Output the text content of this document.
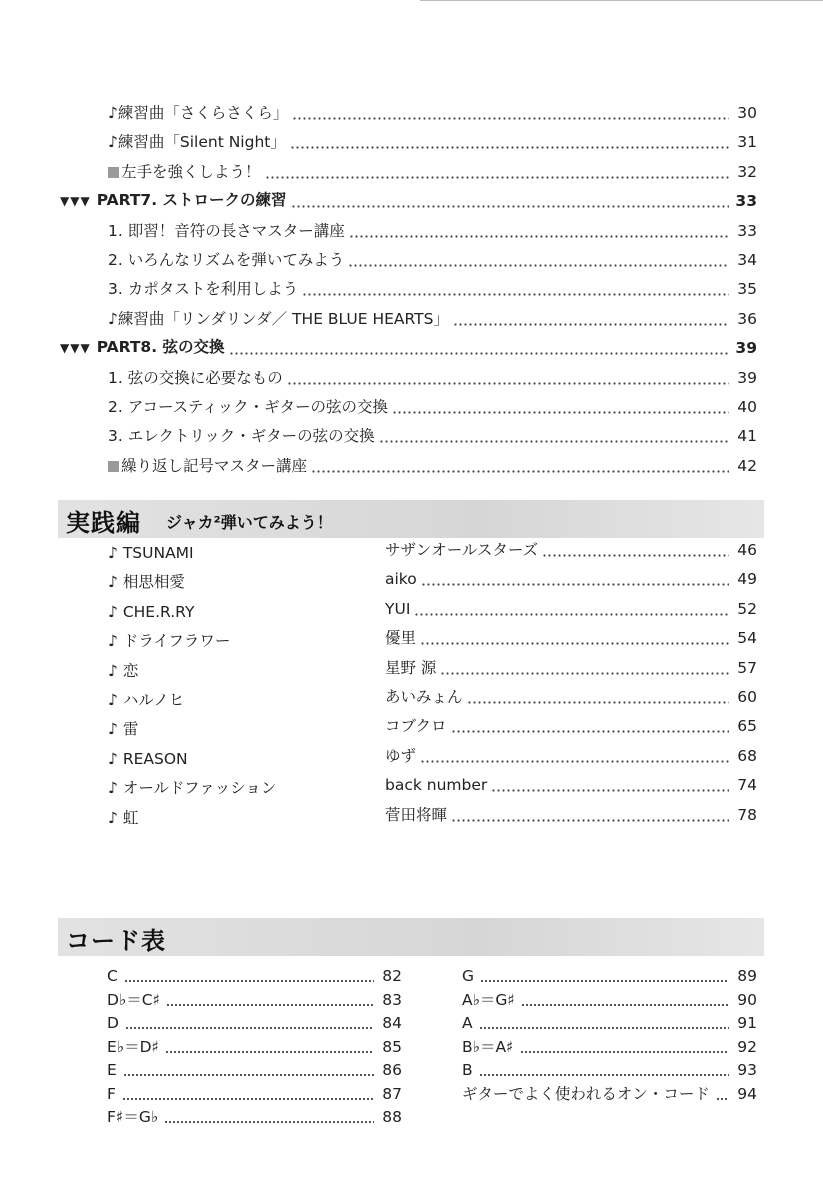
♪練習曲「さくらさくら」	30
♪練習曲「Silent Night」	31
左手を強くしよう！	32
▼▼▼ PART7. ストロークの練習	33
1. 即習！音符の長さマスター講座	33
2. いろんなリズムを弾いてみよう	34
3. カポタストを利用しよう	35
♪練習曲「リンダリンダ／ THE BLUE HEARTS」	36
▼▼▼ PART8. 弦の交換	39
1. 弦の交換に必要なもの	39
2. アコースティック・ギターの弦の交換	40
3. エレクトリック・ギターの弦の交換	41
繰り返し記号マスター講座	42
実践編 ジャカ²弾いてみよう！
♪ TSUNAMI	サザンオールスターズ	46
♪ 相思相愛	aiko	49
♪ CHE.R.RY	YUI	52
♪ ドライフラワー	優里	54
♪ 恋	星野 源	57
♪ ハルノヒ	あいみょん	60
♪ 雷	コブクロ	65
♪ REASON	ゆず	68
♪ オールドファッション	back number	74
♪ 虹	菅田将暉	78
コード表
C	82
D♭＝C♯	83
D	84
E♭＝D♯	85
E	86
F	87
F♯＝G♭	88
G	89
A♭＝G♯	90
A	91
B♭＝A♯	92
B	93
ギターでよく使われるオン・コード 94
